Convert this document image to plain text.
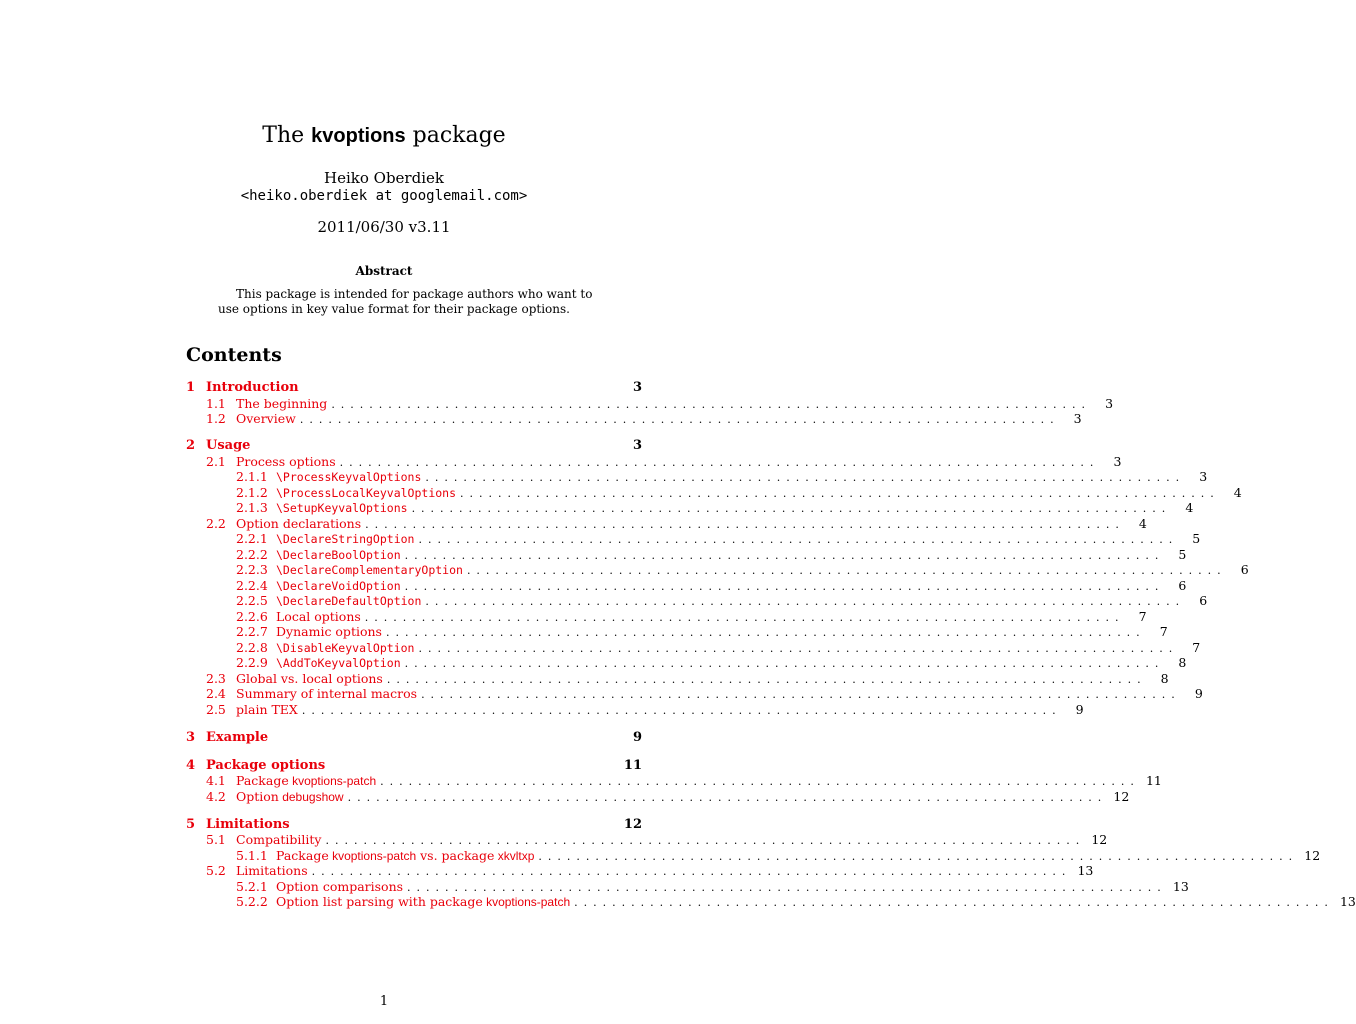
The kvoptions package
Heiko Oberdiek
<heiko.oberdiek at googlemail.com>
2011/06/30 v3.11
Abstract
This package is intended for package authors who want to use options in key value format for their package options.
Contents
1 Introduction	3
1.1 The beginning ................................................................................	3
1.2 Overview ................................................................................	3
2 Usage	3
2.1 Process options ................................................................................	3
2.1.1 \ProcessKeyvalOptions ................................................................................	3
2.1.2 \ProcessLocalKeyvalOptions ................................................................................	4
2.1.3 \SetupKeyvalOptions ................................................................................	4
2.2 Option declarations ................................................................................	4
2.2.1 \DeclareStringOption ................................................................................	5
2.2.2 \DeclareBoolOption ................................................................................	5
2.2.3 \DeclareComplementaryOption ................................................................................	6
2.2.4 \DeclareVoidOption ................................................................................	6
2.2.5 \DeclareDefaultOption ................................................................................	6
2.2.6 Local options ................................................................................	7
2.2.7 Dynamic options ................................................................................	7
2.2.8 \DisableKeyvalOption ................................................................................	7
2.2.9 \AddToKeyvalOption ................................................................................	8
2.3 Global vs. local options ................................................................................	8
2.4 Summary of internal macros ................................................................................	9
2.5 plain TEX ................................................................................	9
3 Example	9
4 Package options	11
4.1 Package kvoptions-patch ................................................................................ 11
4.2 Option debugshow ................................................................................ 12
5 Limitations	12
5.1 Compatibility ................................................................................ 12
5.1.1 Package kvoptions-patch vs. package xkvltxp ................................................................................ 12
5.2 Limitations ................................................................................ 13
5.2.1 Option comparisons ................................................................................ 13
5.2.2 Option list parsing with package kvoptions-patch ................................................................................ 13
1
